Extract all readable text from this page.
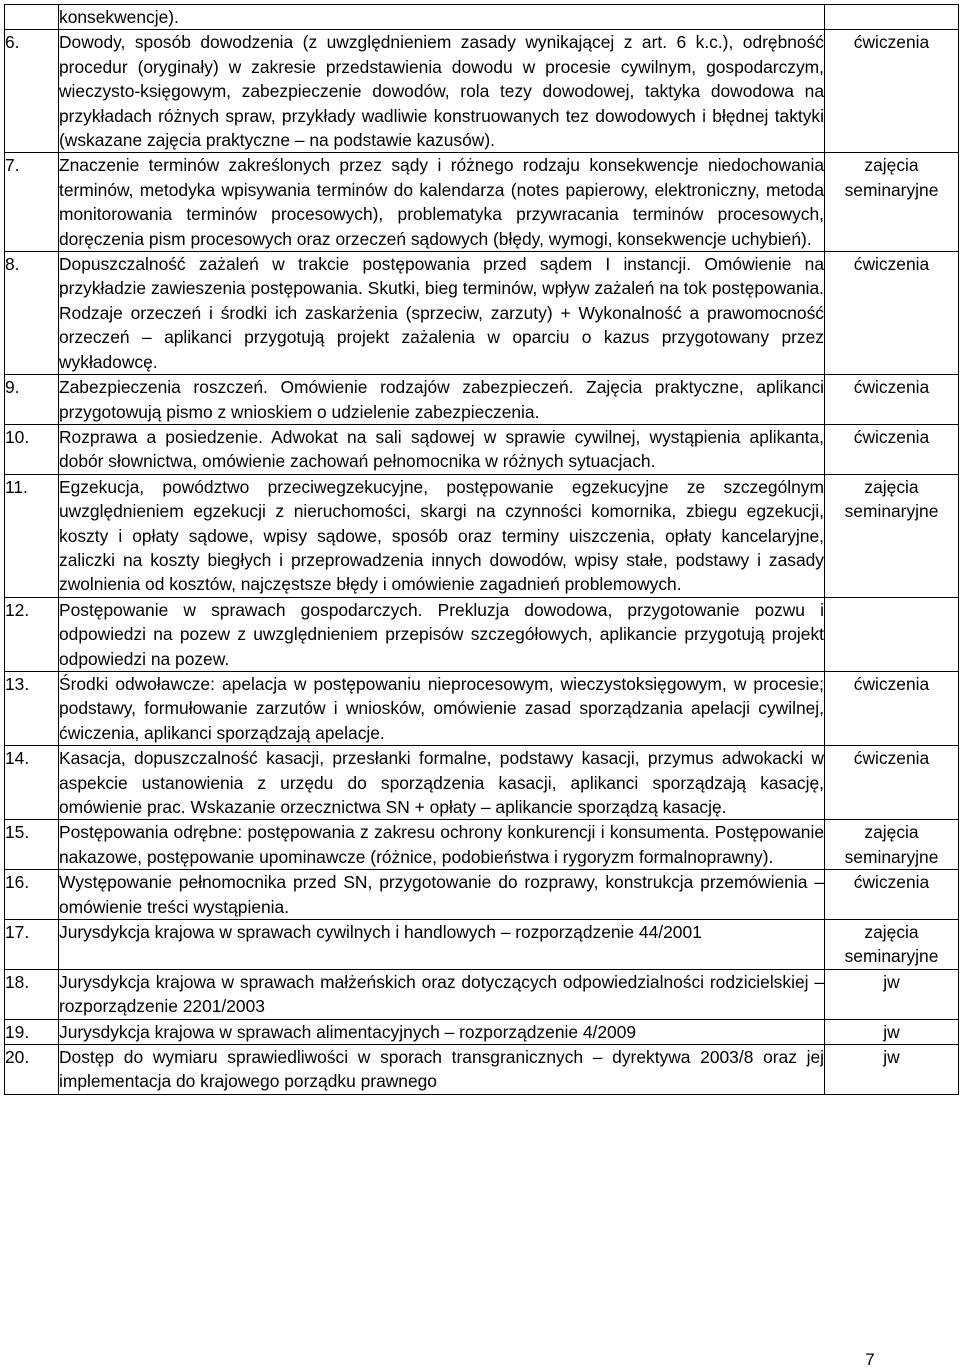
	konsekwencje).	
6.	Dowody, sposób dowodzenia (z uwzględnieniem zasady wynikającej z art. 6 k.c.), odrębność procedur (oryginały) w zakresie przedstawienia dowodu w procesie cywilnym, gospodarczym, wieczysto-księgowym, zabezpieczenie dowodów, rola tezy dowodowej, taktyka dowodowa na przykładach różnych spraw, przykłady wadliwie konstruowanych tez dowodowych i błędnej taktyki (wskazane zajęcia praktyczne – na podstawie kazusów).	ćwiczenia
7.	Znaczenie terminów zakreślonych przez sądy i różnego rodzaju konsekwencje niedochowania terminów, metodyka wpisywania terminów do kalendarza (notes papierowy, elektroniczny, metoda monitorowania terminów procesowych), problematyka przywracania terminów procesowych, doręczenia pism procesowych oraz orzeczeń sądowych (błędy, wymogi, konsekwencje uchybień).	zajęcia
seminaryjne
8.	Dopuszczalność zażaleń w trakcie postępowania przed sądem I instancji. Omówienie na przykładzie zawieszenia postępowania. Skutki, bieg terminów, wpływ zażaleń na tok postępowania. Rodzaje orzeczeń i środki ich zaskarżenia (sprzeciw, zarzuty) + Wykonalność a prawomocność orzeczeń – aplikanci przygotują projekt zażalenia w oparciu o kazus przygotowany przez wykładowcę.	ćwiczenia
9.	Zabezpieczenia roszczeń. Omówienie rodzajów zabezpieczeń. Zajęcia praktyczne, aplikanci przygotowują pismo z wnioskiem o udzielenie zabezpieczenia.	ćwiczenia
10.	Rozprawa a posiedzenie. Adwokat na sali sądowej w sprawie cywilnej, wystąpienia aplikanta, dobór słownictwa, omówienie zachowań pełnomocnika w różnych sytuacjach.	ćwiczenia
11.	Egzekucja, powództwo przeciwegzekucyjne, postępowanie egzekucyjne ze szczególnym uwzględnieniem egzekucji z nieruchomości, skargi na czynności komornika, zbiegu egzekucji, koszty i opłaty sądowe, wpisy sądowe, sposób oraz terminy uiszczenia, opłaty kancelaryjne, zaliczki na koszty biegłych i przeprowadzenia innych dowodów, wpisy stałe, podstawy i zasady zwolnienia od kosztów, najczęstsze błędy i omówienie zagadnień problemowych.	zajęcia
seminaryjne
12.	Postępowanie w sprawach gospodarczych. Prekluzja dowodowa, przygotowanie pozwu i odpowiedzi na pozew z uwzględnieniem przepisów szczegółowych, aplikancie przygotują projekt odpowiedzi na pozew.	
13.	Środki odwoławcze: apelacja w postępowaniu nieprocesowym, wieczystoksięgowym, w procesie; podstawy, formułowanie zarzutów i wniosków, omówienie zasad sporządzania apelacji cywilnej, ćwiczenia, aplikanci sporządzają apelacje.	ćwiczenia
14.	Kasacja, dopuszczalność kasacji, przesłanki formalne, podstawy kasacji, przymus adwokacki w aspekcie ustanowienia z urzędu do sporządzenia kasacji, aplikanci sporządzają kasację, omówienie prac. Wskazanie orzecznictwa SN + opłaty – aplikancie sporządzą kasację.	ćwiczenia
15.	Postępowania odrębne: postępowania z zakresu ochrony konkurencji i konsumenta. Postępowanie nakazowe, postępowanie upominawcze (różnice, podobieństwa i rygoryzm formalnoprawny).	zajęcia
seminaryjne
16.	Występowanie pełnomocnika przed SN, przygotowanie do rozprawy, konstrukcja przemówienia – omówienie treści wystąpienia.	ćwiczenia
17.	Jurysdykcja krajowa w sprawach cywilnych i handlowych – rozporządzenie 44/2001	zajęcia
seminaryjne
18.	Jurysdykcja krajowa w sprawach małżeńskich oraz dotyczących odpowiedzialności rodzicielskiej – rozporządzenie 2201/2003	jw
19.	Jurysdykcja krajowa w sprawach alimentacyjnych – rozporządzenie 4/2009	jw
20.	Dostęp do wymiaru sprawiedliwości w sporach transgranicznych – dyrektywa 2003/8 oraz jej implementacja do krajowego porządku prawnego	jw
7
